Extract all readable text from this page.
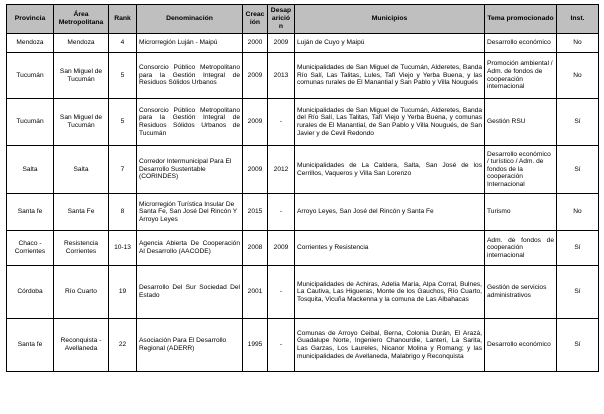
Provincia	Área Metropolitana	Rank	Denominación	Creación	Desaparición	Municipios	Tema promocionado	Inst.
Mendoza	Mendoza	4	Microrregión Luján - Maipú	2000	2009	Luján de Cuyo y Maipú	Desarrollo económico	No
Tucumán	San Miguel de Tucumán	5	Consorcio Público Metropolitano para la Gestión Integral de Residuos Sólidos Urbanos	2009	2013	Municipalidades de San Miguel de Tucumán, Alderetes, Banda Río Salí, Las Talitas, Lules, Tafí Viejo y Yerba Buena, y las comunas rurales de El Manantial y San Pablo y Villa Nougués	Promoción ambiental / Adm. de fondos de cooperación internacional	No
Tucumán	San Miguel de Tucumán	5	Consorcio Público Metropolitano para la Gestión Integral de Residuos Sólidos Urbanos de Tucumán	2009	-	Municipalidades de San Miguel de Tucumán, Alderetes, Banda del Río Salí, Las Talitas, Tafí Viejo y Yerba Buena, y comunas rurales de El Manantial, de San Pablo y Villa Nougués, de San Javier y de Cevil Redondo	Gestión RSU	Sí
Salta	Salta	7	Corredor Intermunicipal Para El Desarrollo Sustentable (CORINDES)	2009	2012	Municipalidades de La Caldera, Salta, San José de los Cerrillos, Vaqueros y Villa San Lorenzo	Desarrollo económico / turístico / Adm. de fondos de la cooperación Internacional	Sí
Santa fe	Santa Fe	8	Microrregión Turística Insular De Santa Fe, San José Del Rincón Y Arroyo Leyes	2015	-	Arroyo Leyes, San José del Rincón y Santa Fe	Turismo	No
Chaco - Corrientes	Resistencia Corrientes	10-13	Agencia Abierta De Cooperación Al Desarrollo (AACODE)	2008	2009	Corrientes y Resistencia	Adm. de fondos de cooperación internacional	Sí
Córdoba	Río Cuarto	19	Desarrollo Del Sur Sociedad Del Estado	2001	-	Municipalidades de Achiras, Adelia María, Alpa Corral, Bulnes, La Cautiva, Las Higueras, Monte de los Gauchos, Río Cuarto, Tosquita, Vicuña Mackenna y la comuna de Las Albahacas	Gestión de servicios administrativos	Sí
Santa fe	Reconquista - Avellaneda	22	Asociación Para El Desarrollo Regional (ADERR)	1995	-	Comunas de Arroyo Ceibal, Berna, Colonia Durán, El Arazá, Guadalupe Norte, Ingeniero Chanourdie, Lanteri, La Sarita, Las Garzas, Los Laureles, Nicanor Molina y Romang; y las municipalidades de Avellaneda, Malabrigo y Reconquista	Desarrollo económico	Sí
